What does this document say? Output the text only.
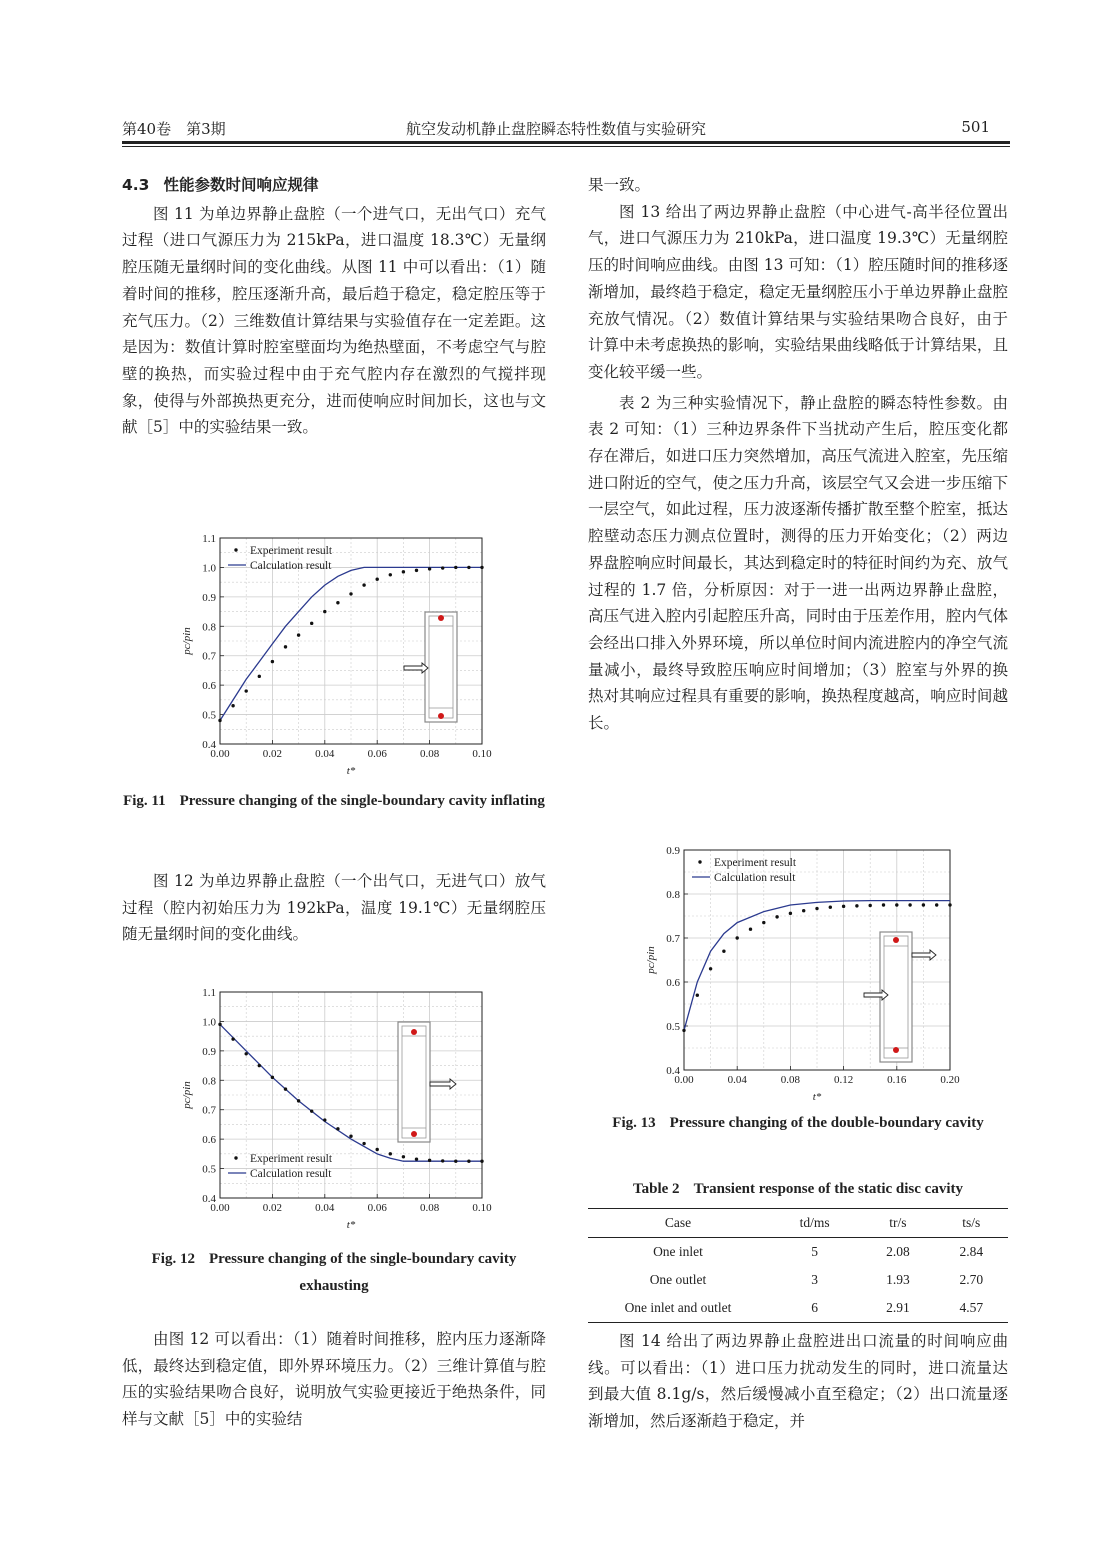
第40卷　第3期	航空发动机静止盘腔瞬态特性数值与实验研究	501
4.3 性能参数时间响应规律

图 11 为单边界静止盘腔（一个进气口，无出气口）充气过程（进口气源压力为 215kPa，进口温度 18.3℃）无量纲腔压随无量纲时间的变化曲线。从图 11 中可以看出：（1）随着时间的推移，腔压逐渐升高，最后趋于稳定，稳定腔压等于充气压力。（2）三维数值计算结果与实验值存在一定差距。这是因为：数值计算时腔室壁面均为绝热壁面，不考虑空气与腔壁的换热，而实验过程中由于充气腔内存在激烈的气搅拌现象，使得与外部换热更充分，进而使响应时间加长，这也与文献［5］中的实验结果一致。

0.00	0.02	0.04	0.06	0.08	0.10
0.4
0.5
0.6
0.7
0.8
0.9
1.0
1.1
t*
pc/pin
Experiment result
Calculation result
Fig. 11 Pressure changing of the single-boundary cavity inflating

图 12 为单边界静止盘腔（一个出气口，无进气口）放气过程（腔内初始压力为 192kPa，温度 19.1℃）无量纲腔压随无量纲时间的变化曲线。

0.00	0.02	0.04	0.06	0.08	0.10
0.4
0.5
0.6
0.7
0.8
0.9
1.0
1.1
t*
pc/pin
Experiment result
Calculation result
Fig. 12 Pressure changing of the single-boundary cavity exhausting

由图 12 可以看出：（1）随着时间推移，腔内压力逐渐降低，最终达到稳定值，即外界环境压力。（2）三维计算值与腔压的实验结果吻合良好，说明放气实验更接近于绝热条件，同样与文献［5］中的实验结

果一致。

图 13 给出了两边界静止盘腔（中心进气-高半径位置出气，进口气源压力为 210kPa，进口温度 19.3℃）无量纲腔压的时间响应曲线。由图 13 可知：（1）腔压随时间的推移逐渐增加，最终趋于稳定，稳定无量纲腔压小于单边界静止盘腔充放气情况。（2）数值计算结果与实验结果吻合良好，由于计算中未考虑换热的影响，实验结果曲线略低于计算结果，且变化较平缓一些。

表 2 为三种实验情况下，静止盘腔的瞬态特性参数。由表 2 可知：（1）三种边界条件下当扰动产生后，腔压变化都存在滞后，如进口压力突然增加，高压气流进入腔室，先压缩进口附近的空气，使之压力升高，该层空气又会进一步压缩下一层空气，如此过程，压力波逐渐传播扩散至整个腔室，抵达腔壁动态压力测点位置时，测得的压力开始变化；（2）两边界盘腔响应时间最长，其达到稳定时的特征时间约为充、放气过程的 1.7 倍，分析原因：对于一进一出两边界静止盘腔，高压气进入腔内引起腔压升高，同时由于压差作用，腔内气体会经出口排入外界环境，所以单位时间内流进腔内的净空气流量减小，最终导致腔压响应时间增加；（3）腔室与外界的换热对其响应过程具有重要的影响，换热程度越高，响应时间越长。

0.00	0.04	0.08	0.12	0.16	0.20
0.4
0.5
0.6
0.7
0.8
0.9
t*
pc/pin
Experiment result
Calculation result
Fig. 13 Pressure changing of the double-boundary cavity
Table 2 Transient response of the static disc cavity
Case	td/ms	tr/s	ts/s
One inlet	5	2.08	2.84
One outlet	3	1.93	2.70
One inlet and outlet	6	2.91	4.57

图 14 给出了两边界静止盘腔进出口流量的时间响应曲线。可以看出：（1）进口压力扰动发生的同时，进口流量达到最大值 8.1g/s，然后缓慢减小直至稳定；（2）出口流量逐渐增加，然后逐渐趋于稳定，并
